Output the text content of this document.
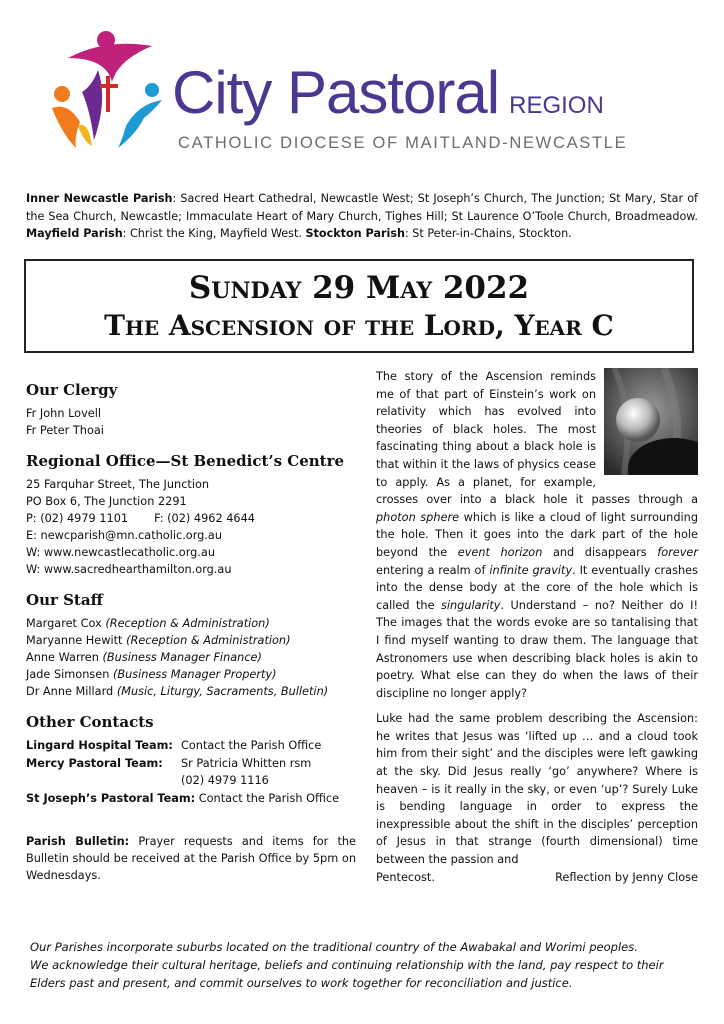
City Pastoral REGION
CATHOLIC DIOCESE OF MAITLAND-NEWCASTLE
Inner Newcastle Parish: Sacred Heart Cathedral, Newcastle West; St Joseph’s Church, The Junction; St Mary, Star of the Sea Church, Newcastle; Immaculate Heart of Mary Church, Tighes Hill; St Laurence O’Toole Church, Broadmeadow. Mayfield Parish: Christ the King, Mayfield West. Stockton Parish: St Peter-in-Chains, Stockton.
Sunday 29 May 2022
The Ascension of the Lord, Year C
Our Clergy
Fr John Lovell
Fr Peter Thoai
Regional Office—St Benedict’s Centre
25 Farquhar Street, The Junction
PO Box 6, The Junction 2291
P: (02) 4979 1101 F: (02) 4962 4644
E: newcparish@mn.catholic.org.au
W: www.newcastlecatholic.org.au
W: www.sacredhearthamilton.org.au
Our Staff
Margaret Cox (Reception & Administration)
Maryanne Hewitt (Reception & Administration)
Anne Warren (Business Manager Finance)
Jade Simonsen (Business Manager Property)
Dr Anne Millard (Music, Liturgy, Sacraments, Bulletin)
Other Contacts
Lingard Hospital Team:	Contact the Parish Office
Mercy Pastoral Team:	Sr Patricia Whitten rsm
	(02) 4979 1116
St Joseph’s Pastoral Team: Contact the Parish Office
Parish Bulletin: Prayer requests and items for the Bulletin should be received at the Parish Office by 5pm on Wednesdays.

The story of the Ascension reminds me of that part of Einstein’s work on relativity which has evolved into theories of black holes. The most fascinating thing about a black hole is that within it the laws of physics cease to apply. As a planet, for example, crosses over into a black hole it passes through a photon sphere which is like a cloud of light surrounding the hole. Then it goes into the dark part of the hole beyond the event horizon and disappears forever entering a realm of infinite gravity. It eventually crashes into the dense body at the core of the hole which is called the singularity. Understand – no? Neither do I! The images that the words evoke are so tantalising that I find myself wanting to draw them. The language that Astronomers use when describing black holes is akin to poetry. What else can they do when the laws of their discipline no longer apply?

Luke had the same problem describing the Ascension: he writes that Jesus was ‘lifted up … and a cloud took him from their sight’ and the disciples were left gawking at the sky. Did Jesus really ‘go’ anywhere? Where is heaven – is it really in the sky, or even ‘up’? Surely Luke is bending language in order to express the inexpressible about the shift in the disciples’ perception of Jesus in that strange (fourth dimensional) time between the passion and

Pentecost.	Reflection by Jenny Close
Our Parishes incorporate suburbs located on the traditional country of the Awabakal and Worimi peoples.
We acknowledge their cultural heritage, beliefs and continuing relationship with the land, pay respect to their Elders past and present, and commit ourselves to work together for reconciliation and justice.
